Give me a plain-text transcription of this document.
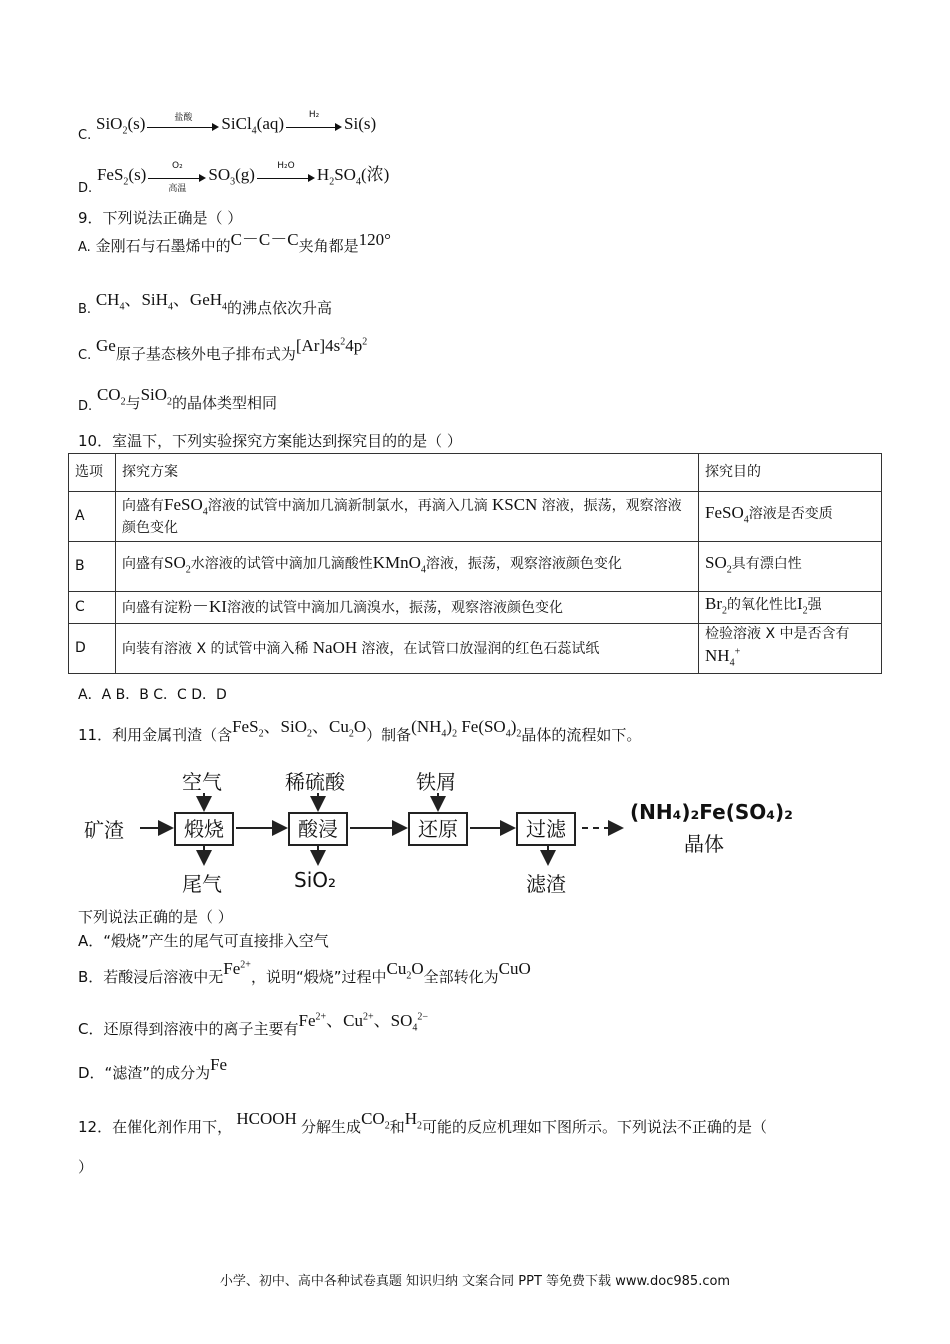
C. SiO$_2$(s)	盐酸	SiCl$_4$(aq)	H₂	Si(s)
D. FeS$_2$(s)	O₂
高温
$SO_3(g)$	H₂O	$H_2SO_4$(浓)
9．下列说法正确是（ ）
A. 金刚石与石墨烯中的C－C－C夹角都是120°
B. $CH_4$、SiH$_4$、GeH$_4$的沸点依次升高
C. Ge原子基态核外电子排布式为$[Ar]4s^24p^2$
D. $CO_2$与SiO$_2$的晶体类型相同
10．室温下，下列实验探究方案能达到探究目的的是（ ）
选项	探究方案	探究目的
A	向盛有FeSO$_4$溶液的试管中滴加几滴新制氯水，再滴入几滴 KSCN 溶液，振荡，观察溶液颜色变化	FeSO$_4$溶液是否变质
B	向盛有$SO_2$水溶液的试管中滴加几滴酸性KMnO$_4$溶液，振荡，观察溶液颜色变化	$SO_2$具有漂白性
C	向盛有淀粉－KI溶液的试管中滴加几滴溴水，振荡，观察溶液颜色变化	$Br_2$的氧化性比$I_2$强
D	向装有溶液 X 的试管中滴入稀 NaOH 溶液，在试管口放湿润的红色石蕊试纸	检验溶液 X 中是否含有
$NH_4^+$
A．A B．B C．C D．D
11．利用金属刊渣（含FeS$_2$、SiO$_2$、$Cu_2O$）制备$(NH_4)_2$ $Fe(SO_4)_2$晶体的流程如下。
矿渣	煅烧
空气
尾气
酸浸
稀硫酸
SiO₂
还原
铁屑
过滤
滤渣
(NH₄)₂Fe(SO₄)₂
晶体
下列说法正确的是（ ）
A．“煅烧”产生的尾气可直接排入空气
B．若酸浸后溶液中无$Fe^{2+}$，说明“煅烧”过程中$Cu_2O$全部转化为CuO
C．还原得到溶液中的离子主要有$Fe^{2+}$、$Cu^{2+}$、$SO_4^{2-}$
D．“滤渣”的成分为Fe
12．在催化剂作用下， HCOOH 分解生成$CO_2$和$H_2$可能的反应机理如下图所示。下列说法不正确的是（
）
小学、初中、高中各种试卷真题 知识归纳 文案合同 PPT 等免费下载 www.doc985.com
